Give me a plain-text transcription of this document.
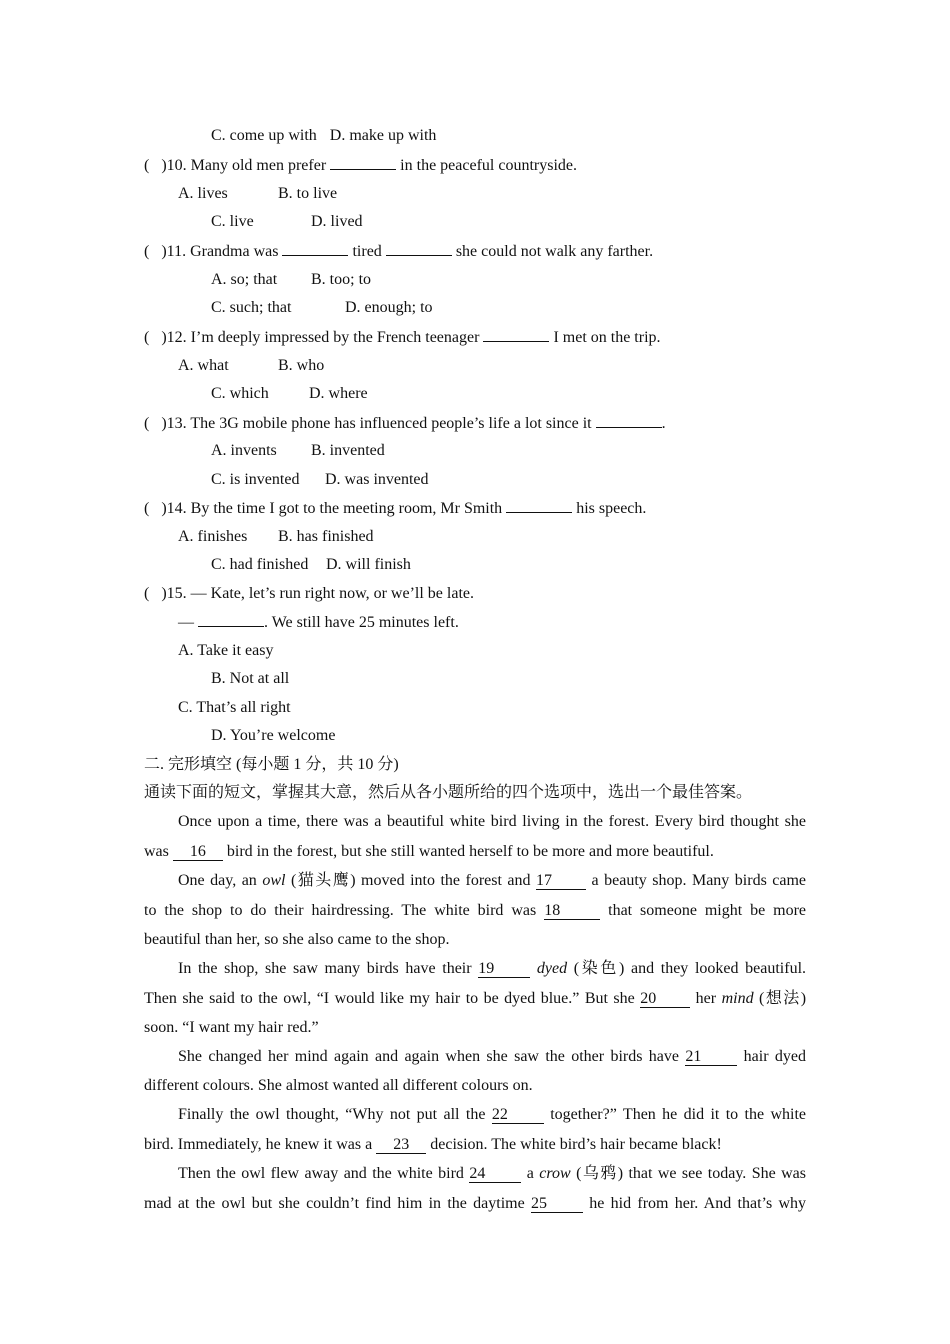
C. come up with D. make up with
( )10. Many old men prefer	in the peaceful countryside.
A. lives	B. to live
C. live	D. lived
( )11. Grandma was	tired	she could not walk any farther.
A. so; that B. too; to
C. such; that	D. enough; to
( )12. I’m deeply impressed by the French teenager	I met on the trip.
A. what	B. who
C. which	D. where
( )13. The 3G mobile phone has influenced people’s life a lot since it	.
A. invents B. invented
C. is invented D. was invented
( )14. By the time I got to the meeting room, Mr Smith	his speech.
A. finishes B. has finished
C. had finished D. will finish
( )15. — Kate, let’s run right now, or we’ll be late.
—	. We still have 25 minutes left.
A. Take it easy
B. Not at all
C. That’s all right
D. You’re welcome
二. 完形填空 (每小题 1 分，共 10 分)
通读下面的短文，掌握其大意，然后从各小题所给的四个选项中，选出一个最佳答案。
Once upon a time, there was a beautiful white bird living in the forest. Every bird thought she
was 16 bird in the forest, but she still wanted herself to be more and more beautiful.
One day, an owl (猫头鹰) moved into the forest and 17 a beauty shop. Many birds came
to the shop to do their hairdressing. The white bird was 18	that someone might be more
beautiful than her, so she also came to the shop.
In the shop, she saw many birds have their 19	dyed (染色) and they looked beautiful.
Then she said to the owl, “I would like my hair to be dyed blue.” But she 20 her mind (想法)
soon. “I want my hair red.”
She changed her mind again and again when she saw the other birds have 21	hair dyed
different colours. She almost wanted all different colours on.
Finally the owl thought, “Why not put all the 22	together?” Then he did it to the white
bird. Immediately, he knew it was a 23 decision. The white bird’s hair became black!
Then the owl flew away and the white bird 24	a crow (乌鸦) that we see today. She was
mad at the owl but she couldn’t find him in the daytime 25	he hid from her. And that’s why
